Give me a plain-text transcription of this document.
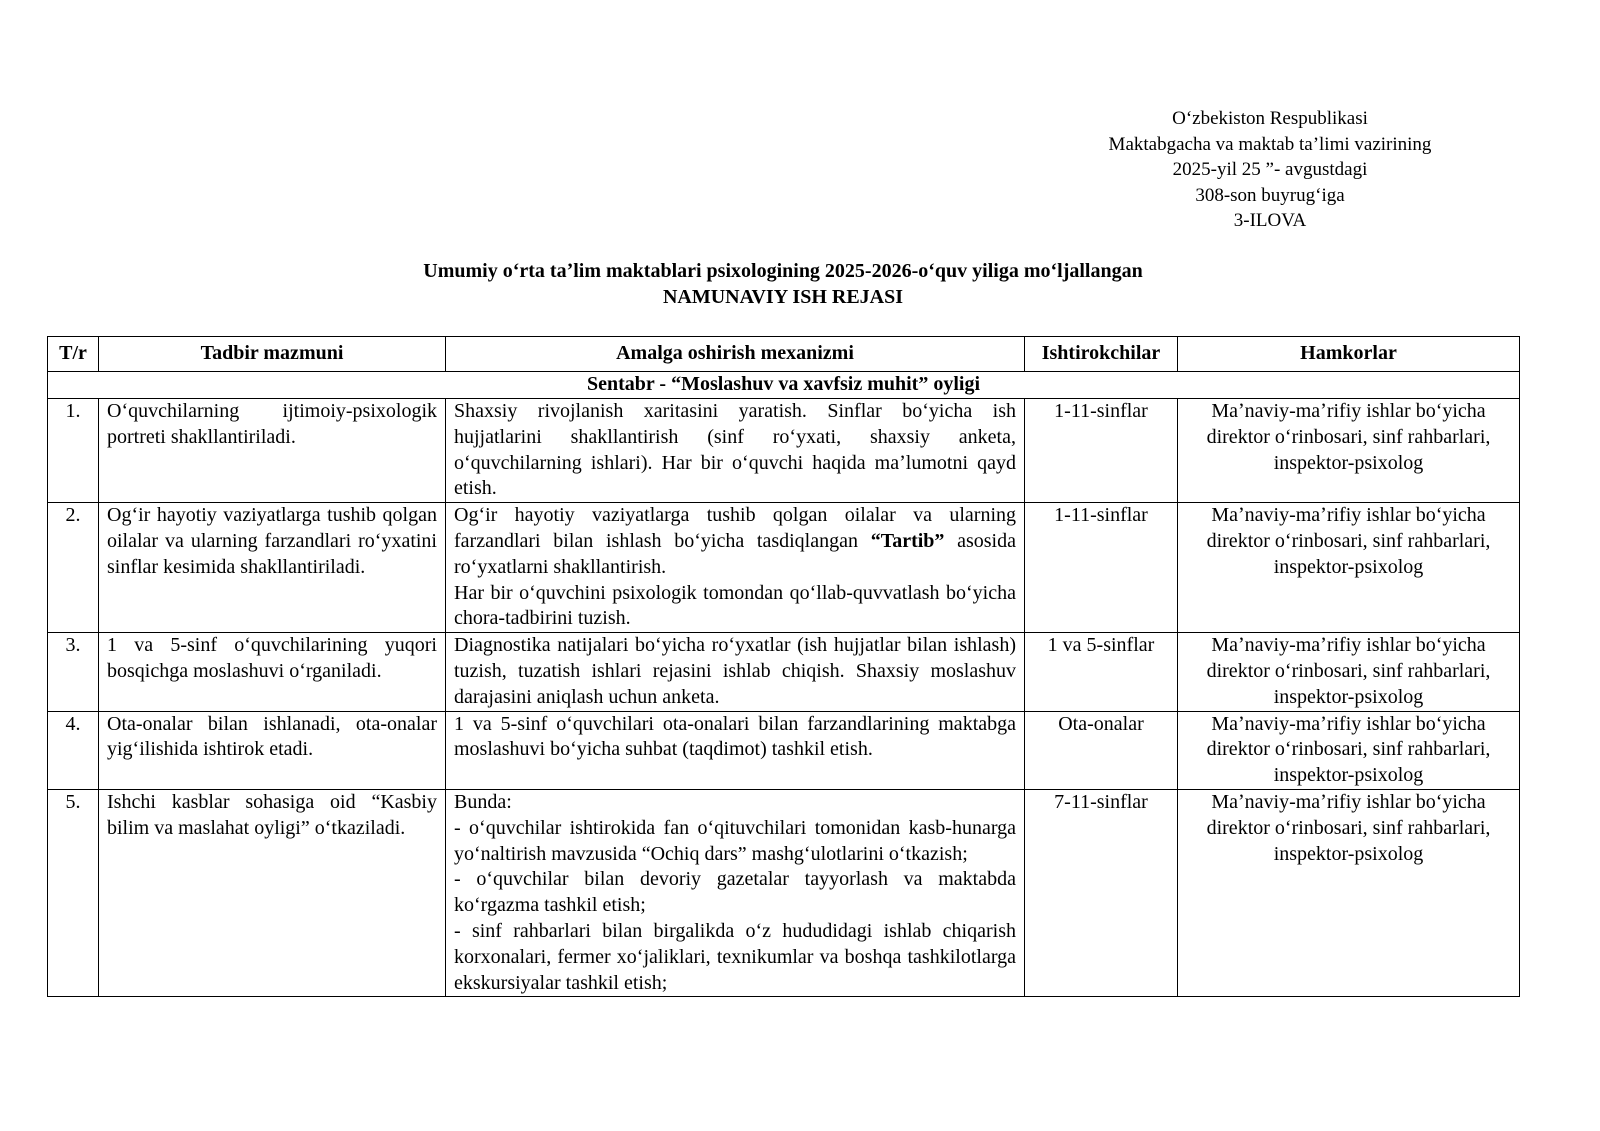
Oʻzbekiston Respublikasi
Maktabgacha va maktab taʼlimi vazirining
2025-yil 25 ”- avgustdagi
308-son buyrugʻiga
3-ILOVA
Umumiy oʻrta taʼlim maktablari psixologining 2025-2026-oʻquv yiliga moʻljallangan
NAMUNAVIY ISH REJASI
T/r	Tadbir mazmuni	Amalga oshirish mexanizmi	Ishtirokchilar	Hamkorlar
Sentabr - “Moslashuv va xavfsiz muhit” oyligi				
1.	Oʻquvchilarning ijtimoiy-psixologik portreti shakllantiriladi.	Shaxsiy rivojlanish xaritasini yaratish. Sinflar boʻyicha ish hujjatlarini shakllantirish (sinf roʻyxati, shaxsiy anketa, oʻquvchilarning ishlari). Har bir oʻquvchi haqida maʼlumotni qayd etish.	1-11-sinflar	Maʼnaviy-maʼrifiy ishlar boʻyicha direktor oʻrinbosari, sinf rahbarlari, inspektor-psixolog
2.	Ogʻir hayotiy vaziyatlarga tushib qolgan oilalar va ularning farzandlari roʻyxatini sinflar kesimida shakllantiriladi.	Ogʻir hayotiy vaziyatlarga tushib qolgan oilalar va ularning farzandlari bilan ishlash boʻyicha tasdiqlangan “Tartib” asosida roʻyxatlarni shakllantirish.
Har bir oʻquvchini psixologik tomondan qoʻllab-quvvatlash boʻyicha chora-tadbirini tuzish.	1-11-sinflar	Maʼnaviy-maʼrifiy ishlar boʻyicha direktor oʻrinbosari, sinf rahbarlari, inspektor-psixolog
3.	1 va 5-sinf oʻquvchilarining yuqori bosqichga moslashuvi oʻrganiladi.	Diagnostika natijalari boʻyicha roʻyxatlar (ish hujjatlar bilan ishlash) tuzish, tuzatish ishlari rejasini ishlab chiqish. Shaxsiy moslashuv darajasini aniqlash uchun anketa.	1 va 5-sinflar	Maʼnaviy-maʼrifiy ishlar boʻyicha direktor oʻrinbosari, sinf rahbarlari, inspektor-psixolog
4.	Ota-onalar bilan ishlanadi, ota-onalar yigʻilishida ishtirok etadi.	1 va 5-sinf oʻquvchilari ota-onalari bilan farzandlarining maktabga moslashuvi boʻyicha suhbat (taqdimot) tashkil etish.	Ota-onalar	Maʼnaviy-maʼrifiy ishlar boʻyicha direktor oʻrinbosari, sinf rahbarlari, inspektor-psixolog
5.	Ishchi kasblar sohasiga oid “Kasbiy bilim va maslahat oyligi” oʻtkaziladi.	Bunda:
- oʻquvchilar ishtirokida fan oʻqituvchilari tomonidan kasb-hunarga yoʻnaltirish mavzusida “Ochiq dars” mashgʻulotlarini oʻtkazish;
- oʻquvchilar bilan devoriy gazetalar tayyorlash va maktabda koʻrgazma tashkil etish;
- sinf rahbarlari bilan birgalikda oʻz hududidagi ishlab chiqarish korxonalari, fermer xoʻjaliklari, texnikumlar va boshqa tashkilotlarga ekskursiyalar tashkil etish;	7-11-sinflar	Maʼnaviy-maʼrifiy ishlar boʻyicha direktor oʻrinbosari, sinf rahbarlari, inspektor-psixolog
